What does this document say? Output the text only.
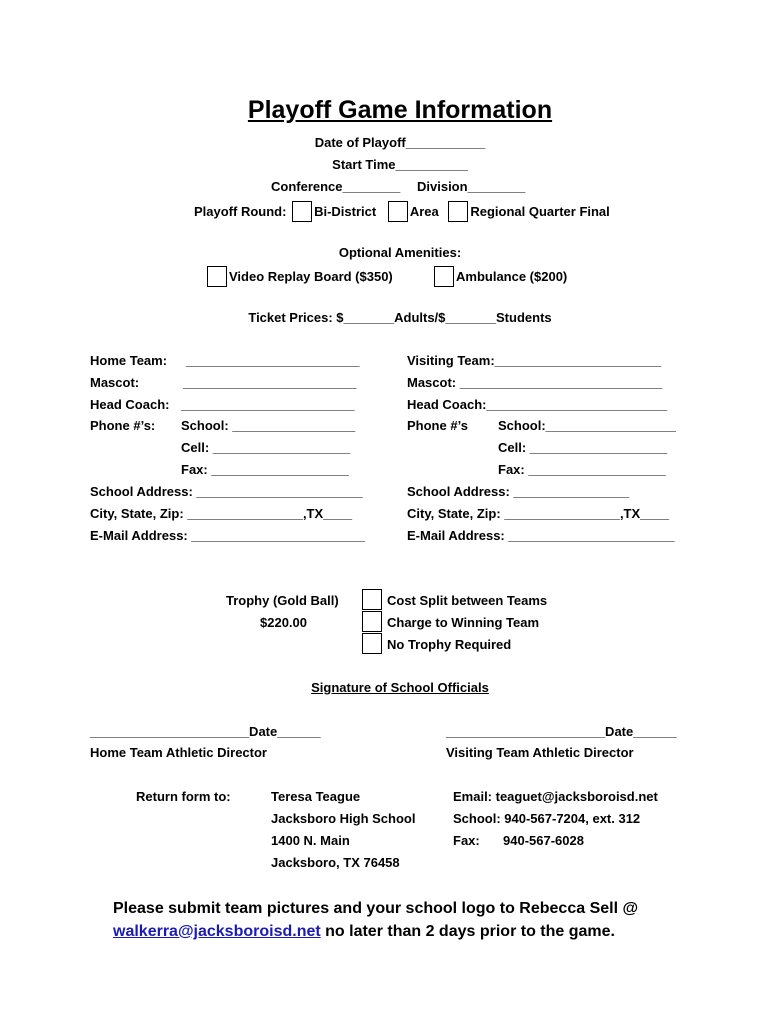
Playoff Game Information
Date of Playoff___________
Start Time__________
Conference________ Division________
Playoff Round: Bi-District	Area Regional Quarter Final
Optional Amenities:
Video Replay Board ($350)	Ambulance ($200)
Ticket Prices: $_______Adults/$_______Students
Home Team: ________________________
Mascot:	________________________
Head Coach: ________________________
Phone #’s: School: _________________
Cell: ___________________
Fax: ___________________
School Address: _______________________
City, State, Zip: ________________,TX____
E-Mail Address: ________________________
Visiting Team:_______________________
Mascot: ____________________________
Head Coach:_________________________
Phone #’s School:__________________
Cell: ___________________
Fax: ___________________
School Address: ________________
City, State, Zip: ________________,TX____
E-Mail Address: _______________________
Trophy (Gold Ball)
$220.00
Cost Split between Teams
Charge to Winning Team
No Trophy Required
Signature of School Officials
______________________Date______	______________________Date______
Home Team Athletic Director	Visiting Team Athletic Director
Return form to:	Teresa Teague
Jacksboro High School
1400 N. Main
Jacksboro, TX 76458
Email: teaguet@jacksboroisd.net
School: 940-567-7204, ext. 312
Fax: 940-567-6028
Please submit team pictures and your school logo to Rebecca Sell @
walkerra@jacksboroisd.net no later than 2 days prior to the game.
